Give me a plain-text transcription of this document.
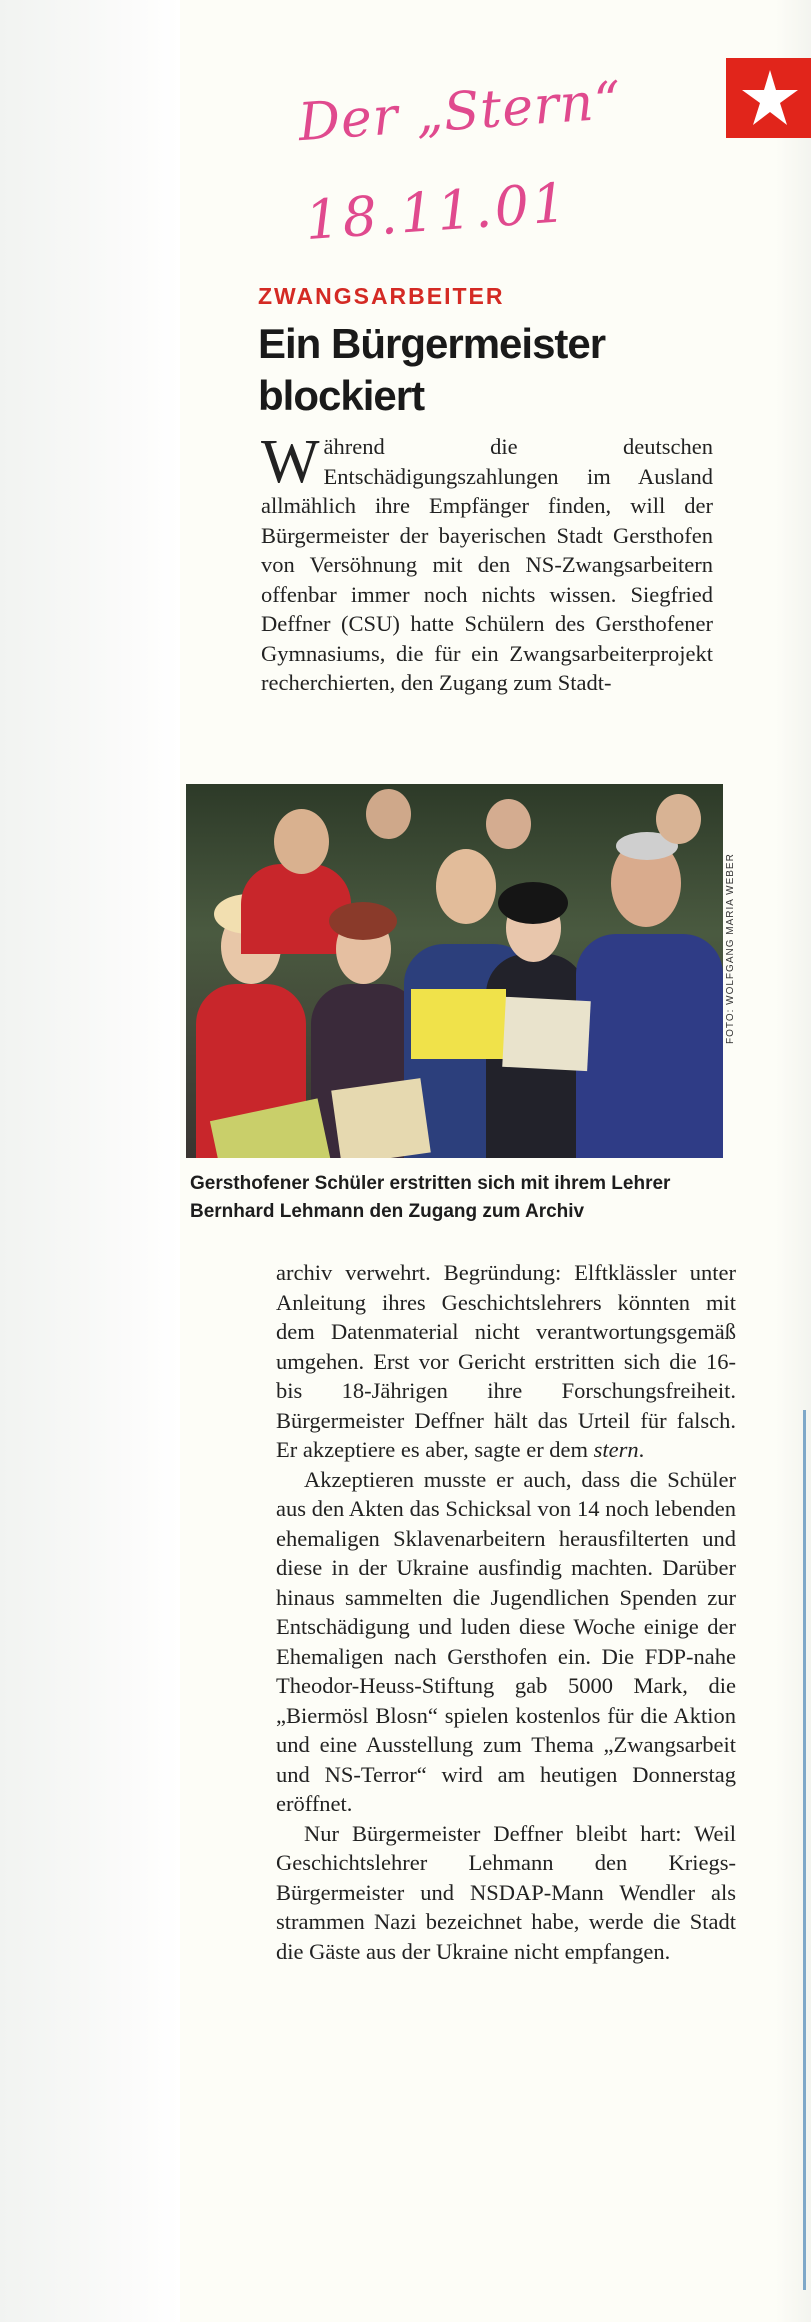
Der „Stern“
18.11.01
ZWANGSARBEITER
Ein Bürgermeister blockiert
W ährend die deutschen Entschädigungszahlungen im Ausland allmählich ihre Empfänger finden, will der Bürgermeister der bayerischen Stadt Gersthofen von Versöhnung mit den NS-Zwangsarbeitern offenbar immer noch nichts wissen. Siegfried Deffner (CSU) hatte Schülern des Gersthofener Gymnasiums, die für ein Zwangsarbeiterprojekt recherchierten, den Zugang zum Stadt-
FOTO: WOLFGANG MARIA WEBER
Gersthofener Schüler erstritten sich mit ihrem Lehrer Bernhard Lehmann den Zugang zum Archiv

archiv verwehrt. Begründung: Elftklässler unter Anleitung ihres Geschichtslehrers könnten mit dem Datenmaterial nicht verantwortungsgemäß umgehen. Erst vor Gericht erstritten sich die 16- bis 18-Jährigen ihre Forschungsfreiheit. Bürgermeister Deffner hält das Urteil für falsch. Er akzeptiere es aber, sagte er dem stern.

Akzeptieren musste er auch, dass die Schüler aus den Akten das Schicksal von 14 noch lebenden ehemaligen Sklavenarbeitern herausfilterten und diese in der Ukraine ausfindig machten. Darüber hinaus sammelten die Jugendlichen Spenden zur Entschädigung und luden diese Woche einige der Ehemaligen nach Gersthofen ein. Die FDP-nahe Theodor-Heuss-Stiftung gab 5000 Mark, die „Biermösl Blosn“ spielen kostenlos für die Aktion und eine Ausstellung zum Thema „Zwangsarbeit und NS-Terror“ wird am heutigen Donnerstag eröffnet.

Nur Bürgermeister Deffner bleibt hart: Weil Geschichtslehrer Lehmann den Kriegs-Bürgermeister und NSDAP-Mann Wendler als strammen Nazi bezeichnet habe, werde die Stadt die Gäste aus der Ukraine nicht empfangen.
